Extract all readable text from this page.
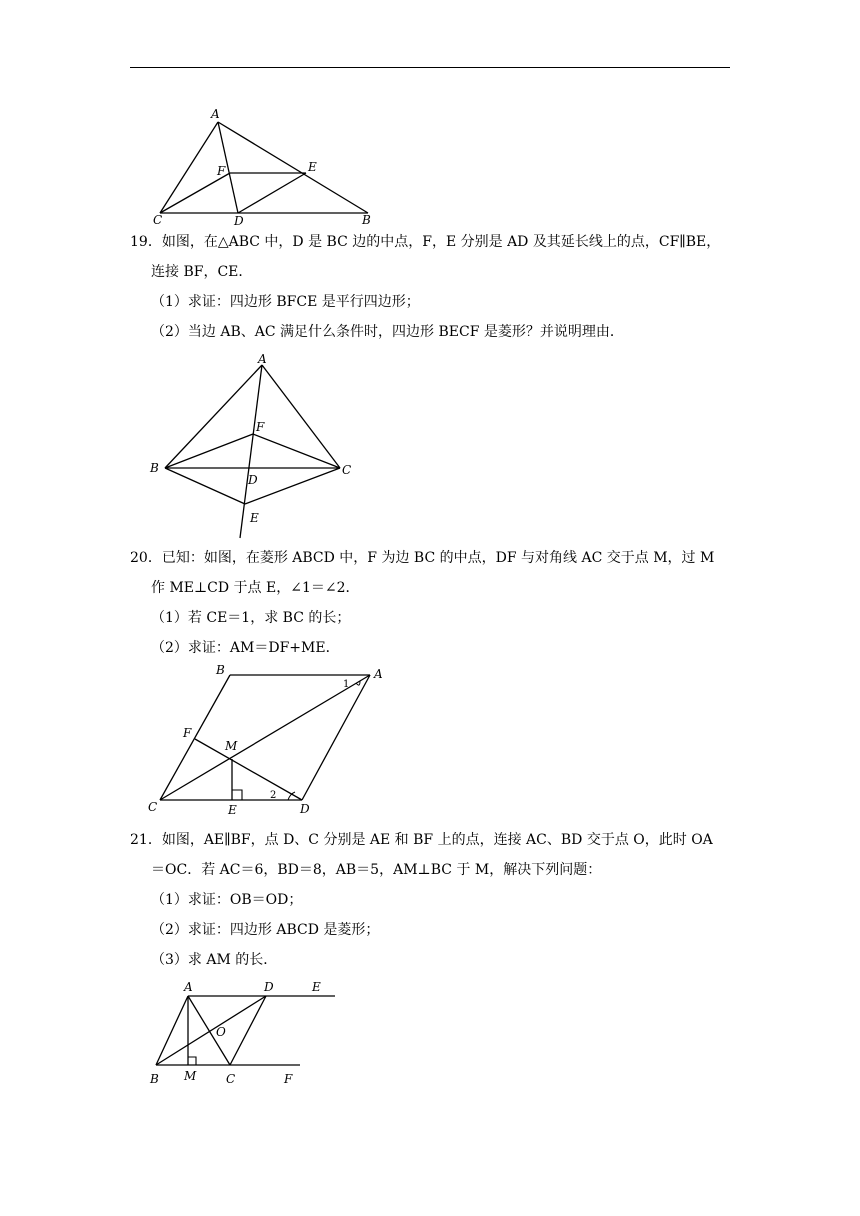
A
F	E
C	D	B
19．如图，在△ABC 中，D 是 BC 边的中点，F，E 分别是 AD 及其延长线上的点，CF∥BE，
连接 BF，CE．
（1）求证：四边形 BFCE 是平行四边形；
（2）当边 AB、AC 满足什么条件时，四边形 BECF 是菱形？并说明理由．
A
F
B
D
C
E
20．已知：如图，在菱形 ABCD 中，F 为边 BC 的中点，DF 与对角线 AC 交于点 M，过 M
作 ME⊥CD 于点 E，∠1＝∠2．
（1）若 CE＝1，求 BC 的长；
（2）求证：AM＝DF+ME．
B	A
1
F
M
C	E
2
D
21．如图，AE∥BF，点 D、C 分别是 AE 和 BF 上的点，连接 AC、BD 交于点 O，此时 OA
＝OC．若 AC＝6，BD＝8，AB＝5，AM⊥BC 于 M，解决下列问题：
（1）求证：OB＝OD；
（2）求证：四边形 ABCD 是菱形；
（3）求 AM 的长．
A	D	E
O
B M C	F
